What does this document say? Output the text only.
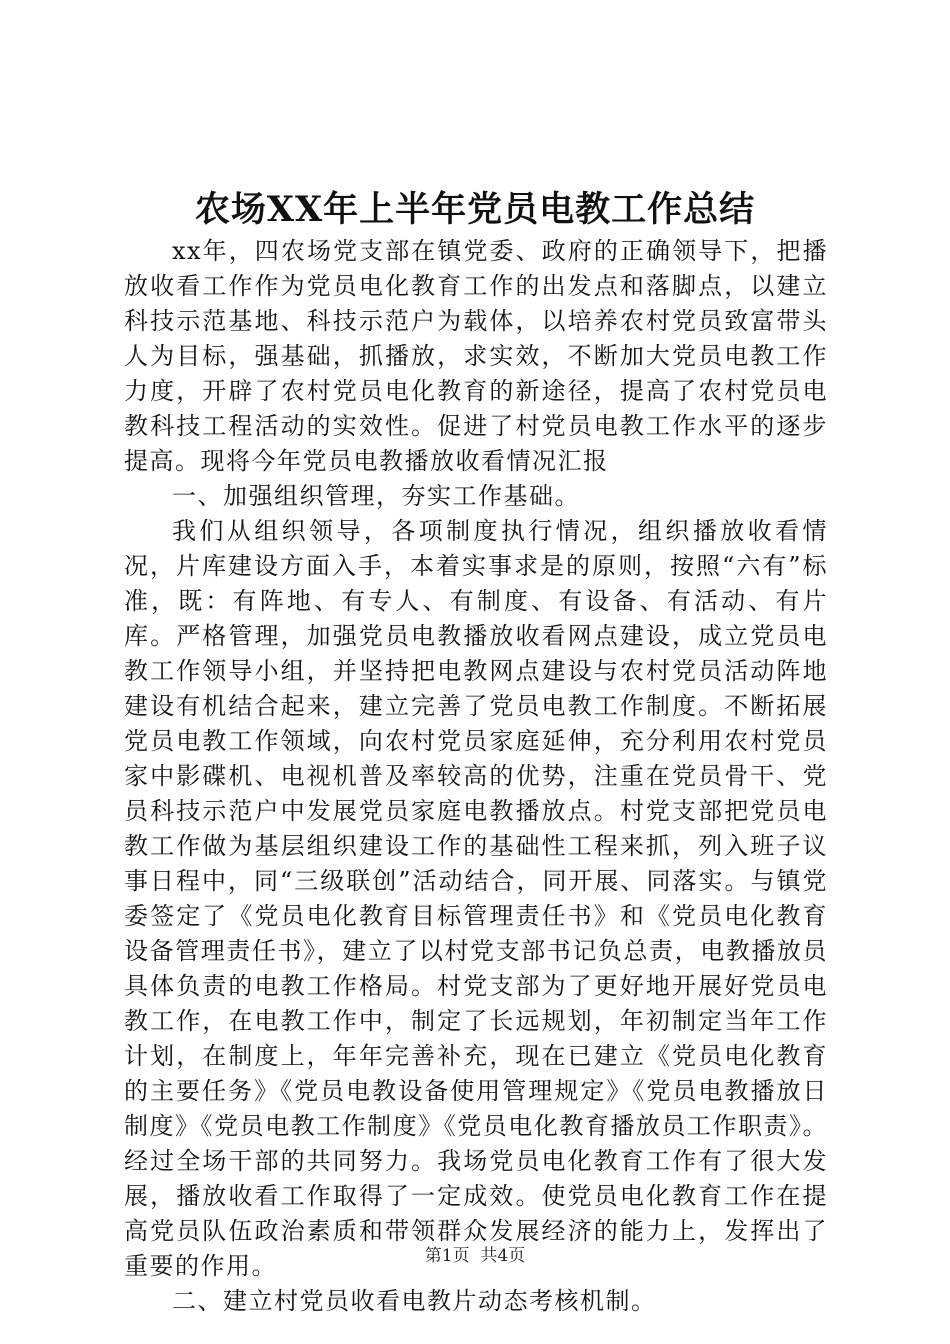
农场XX年上半年党员电教工作总结

xx年，四农场党支部在镇党委、政府的正确领导下，把播放收看工作作为党员电化教育工作的出发点和落脚点，以建立科技示范基地、科技示范户为载体，以培养农村党员致富带头人为目标，强基础，抓播放，求实效，不断加大党员电教工作力度，开辟了农村党员电化教育的新途径，提高了农村党员电教科技工程活动的实效性。促进了村党员电教工作水平的逐步提高。现将今年党员电教播放收看情况汇报

一、加强组织管理，夯实工作基础。

我们从组织领导，各项制度执行情况，组织播放收看情况，片库建设方面入手，本着实事求是的原则，按照“六有”标准，既：有阵地、有专人、有制度、有设备、有活动、有片库。严格管理，加强党员电教播放收看网点建设，成立党员电教工作领导小组，并坚持把电教网点建设与农村党员活动阵地建设有机结合起来，建立完善了党员电教工作制度。不断拓展党员电教工作领域，向农村党员家庭延伸，充分利用农村党员家中影碟机、电视机普及率较高的优势，注重在党员骨干、党员科技示范户中发展党员家庭电教播放点。村党支部把党员电教工作做为基层组织建设工作的基础性工程来抓，列入班子议事日程中，同“三级联创”活动结合，同开展、同落实。与镇党委签定了《党员电化教育目标管理责任书》和《党员电化教育设备管理责任书》，建立了以村党支部书记负总责，电教播放员具体负责的电教工作格局。村党支部为了更好地开展好党员电教工作，在电教工作中，制定了长远规划，年初制定当年工作计划，在制度上，年年完善补充，现在已建立《党员电化教育的主要任务》《党员电教设备使用管理规定》《党员电教播放日制度》《党员电教工作制度》《党员电化教育播放员工作职责》。经过全场干部的共同努力。我场党员电化教育工作有了很大发展，播放收看工作取得了一定成效。使党员电化教育工作在提高党员队伍政治素质和带领群众发展经济的能力上，发挥出了重要的作用。

二、建立村党员收看电教片动态考核机制。

第1页 共4页
